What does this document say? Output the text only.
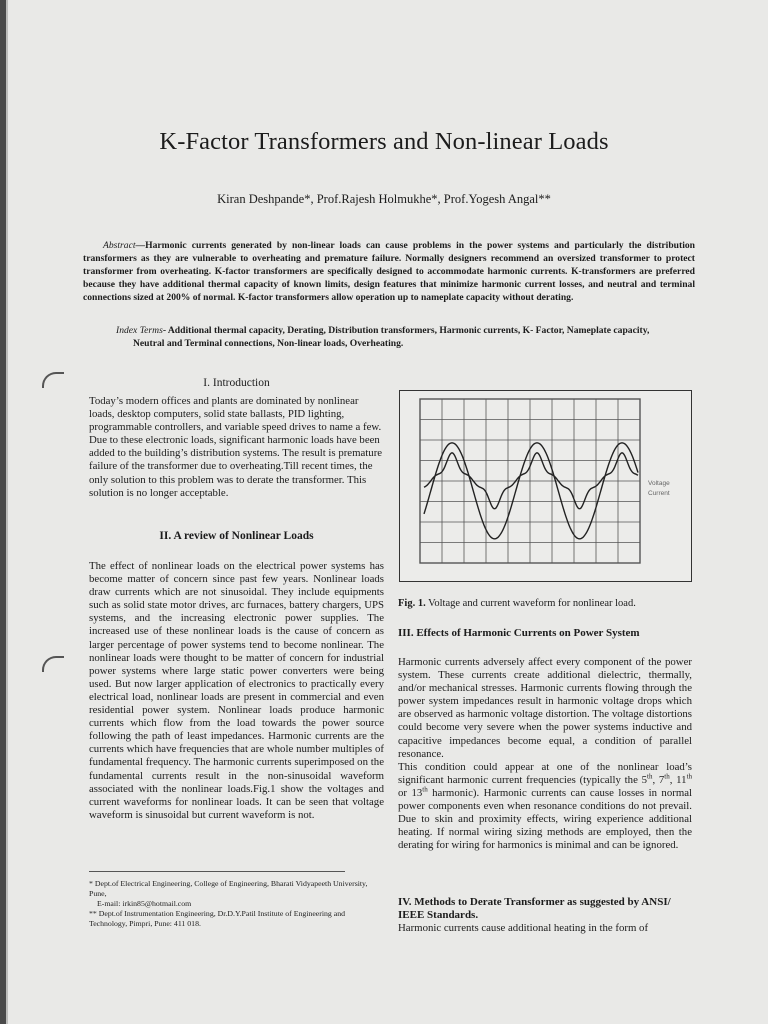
K-Factor Transformers and Non-linear Loads
Kiran Deshpande*, Prof.Rajesh Holmukhe*, Prof.Yogesh Angal**
Abstract—Harmonic currents generated by non-linear loads can cause problems in the power systems and particularly the distribution transformers as they are vulnerable to overheating and premature failure. Normally designers recommend an oversized transformer to protect transformer from overheating. K-factor transformers are specifically designed to accommodate harmonic currents. K-transformers are preferred because they have additional thermal capacity of known limits, design features that minimize harmonic current losses, and neutral and terminal connections sized at 200% of normal. K-factor transformers allow operation up to nameplate capacity without derating.
Index Terms- Additional thermal capacity, Derating, Distribution transformers, Harmonic currents, K- Factor, Nameplate capacity,
Neutral and Terminal connections, Non-linear loads, Overheating.
I. Introduction
Today’s modern offices and plants are dominated by nonlinear loads, desktop computers, solid state ballasts, PID lighting, programmable controllers, and variable speed drives to name a few. Due to these electronic loads, significant harmonic loads have been added to the building’s distribution systems. The result is premature failure of the transformer due to overheating.Till recent times, the only solution to this problem was to derate the transformer. This solution is no longer acceptable.
II. A review of Nonlinear Loads
The effect of nonlinear loads on the electrical power systems has become matter of concern since past few years. Nonlinear loads draw currents which are not sinusoidal. They include equipments such as solid state motor drives, arc furnaces, battery chargers, UPS systems, and the increasing electronic power supplies. The increased use of these nonlinear loads is the cause of concern as larger percentage of power systems tend to become nonlinear. The nonlinear loads were thought to be matter of concern for industrial power systems where large static power converters were being used. But now larger application of electronics to practically every electrical load, nonlinear loads are present in commercial and even residential power system. Nonlinear loads produce harmonic currents which flow from the load towards the power source following the path of least impedances. Harmonic currents are the currents which have frequencies that are whole number multiples of fundamental frequency. The harmonic currents superimposed on the fundamental currents result in the non-sinusoidal waveform associated with the nonlinear loads.Fig.1 show the voltages and current waveforms for nonlinear loads. It can be seen that voltage waveform is sinusoidal but current waveform is not.
* Dept.of Electrical Engineering, College of Engineering, Bharati Vidyapeeth University, Pune,
E-mail: irkin85@hotmail.com
** Dept.of Instrumentation Engineering, Dr.D.Y.Patil Institute of Engineering and Technology, Pimpri, Pune: 411 018.
Voltage
Current
Fig. 1. Voltage and current waveform for nonlinear load.
III. Effects of Harmonic Currents on Power System
Harmonic currents adversely affect every component of the power system. These currents create additional dielectric, thermally, and/or mechanical stresses. Harmonic currents flowing through the power system impedances result in harmonic voltage drops which are observed as harmonic voltage distortion. The voltage distortions could become very severe when the power systems inductive and capacitive impedances become equal, a condition of parallel resonance.
This condition could appear at one of the nonlinear load’s significant harmonic current frequencies (typically the 5th, 7th, 11th or 13th harmonic). Harmonic currents can cause losses in normal power components even when resonance conditions do not prevail. Due to skin and proximity effects, wiring experience additional heating. If normal wiring sizing methods are employed, then the derating for wiring for harmonics is minimal and can be ignored.
IV. Methods to Derate Transformer as suggested by ANSI/ IEEE Standards.
Harmonic currents cause additional heating in the form of
